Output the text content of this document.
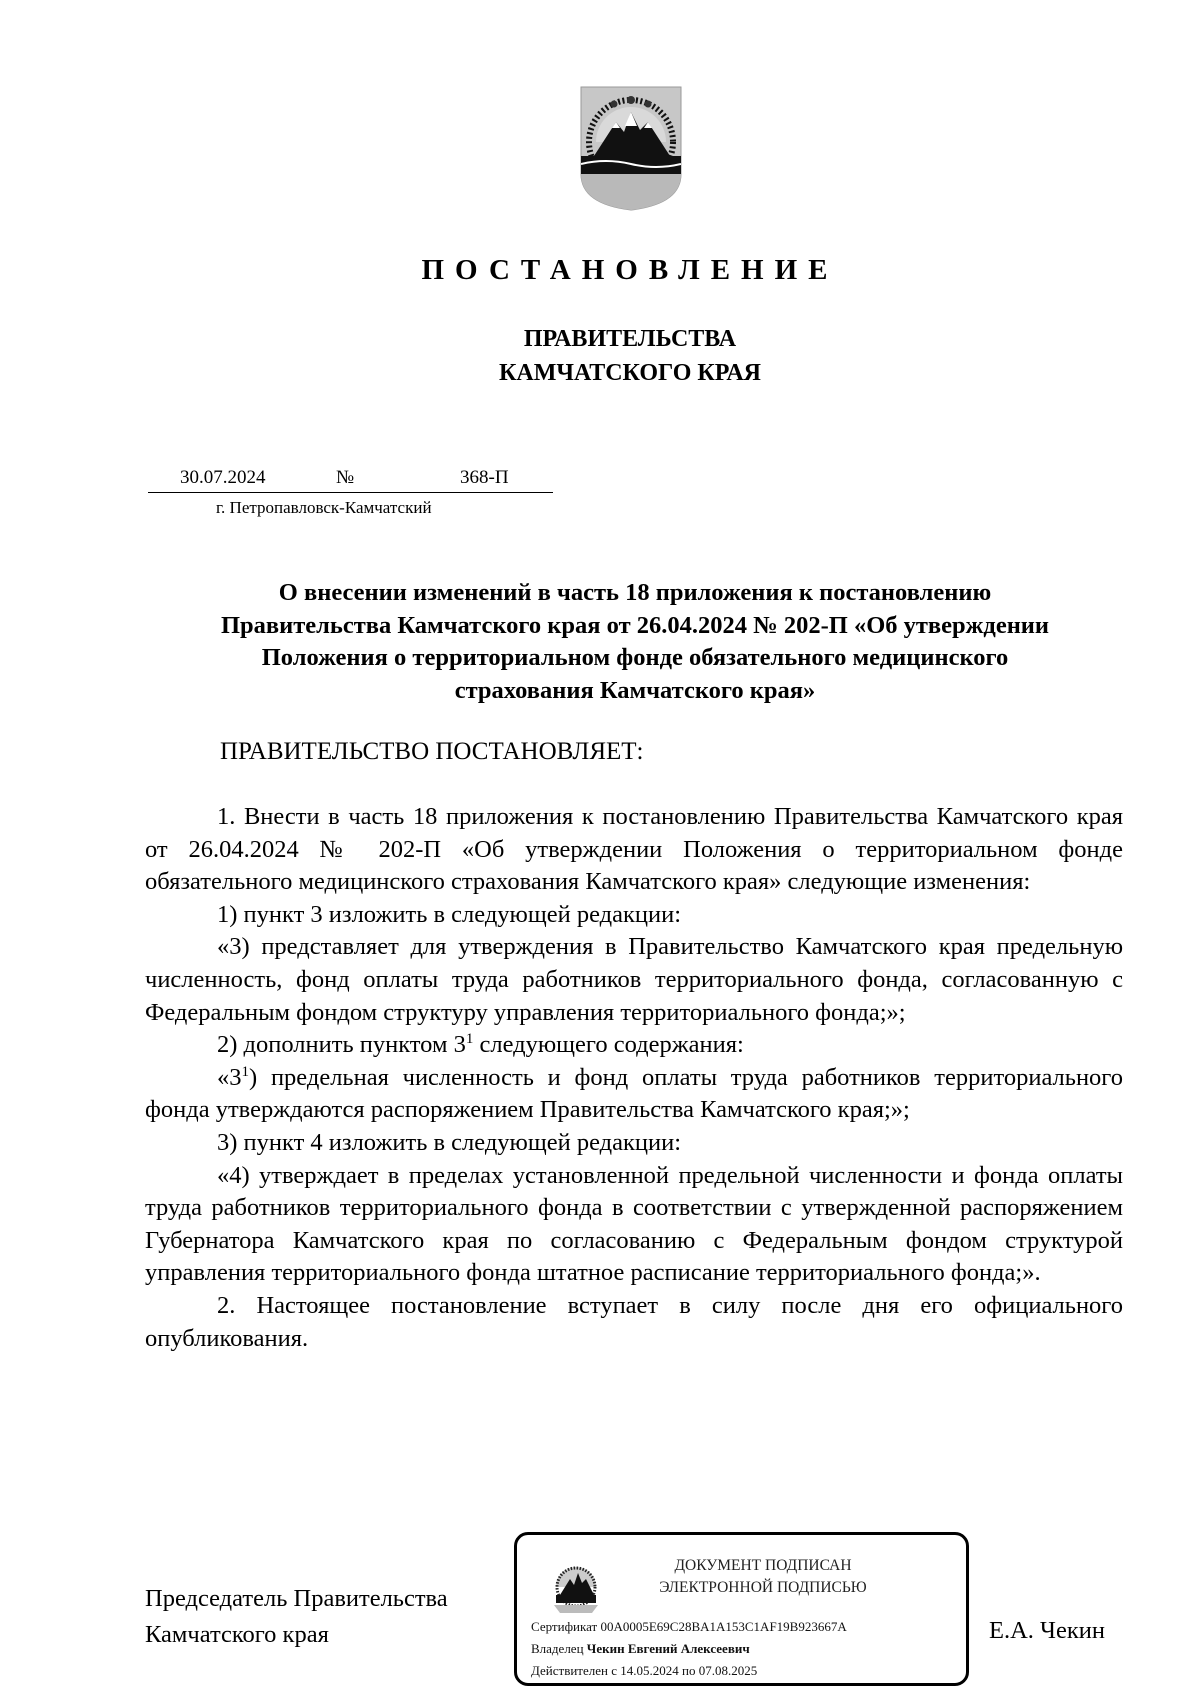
ПОСТАНОВЛЕНИЕ
ПРАВИТЕЛЬСТВА
КАМЧАТСКОГО КРАЯ
30.07.2024	№	368-П
г. Петропавловск-Камчатский
О внесении изменений в часть 18 приложения к постановлению
Правительства Камчатского края от 26.04.2024 № 202-П «Об утверждении
Положения о территориальном фонде обязательного медицинского
страхования Камчатского края»
ПРАВИТЕЛЬСТВО ПОСТАНОВЛЯЕТ:

1. Внести в часть 18 приложения к постановлению Правительства Камчатского края от 26.04.2024 № 202-П «Об утверждении Положения о территориальном фонде обязательного медицинского страхования Камчатского края» следующие изменения:

1) пункт 3 изложить в следующей редакции:

«3) представляет для утверждения в Правительство Камчатского края предельную численность, фонд оплаты труда работников территориального фонда, согласованную с Федеральным фондом структуру управления территориального фонда;»;

2) дополнить пунктом $3^1$ следующего содержания:

«$3^1$) предельная численность и фонд оплаты труда работников территориального фонда утверждаются распоряжением Правительства Камчатского края;»;

3) пункт 4 изложить в следующей редакции:

«4) утверждает в пределах установленной предельной численности и фонда оплаты труда работников территориального фонда в соответствии с утвержденной распоряжением Губернатора Камчатского края по согласованию с Федеральным фондом структурой управления территориального фонда штатное расписание территориального фонда;».

2. Настоящее постановление вступает в силу после дня его официального опубликования.

Председатель Правительства
Камчатского края	Е.А. Чекин
ДОКУМЕНТ ПОДПИСАН
ЭЛЕКТРОННОЙ ПОДПИСЬЮ
Сертификат 00A0005E69C28BA1A153C1AF19B923667A
Владелец Чекин Евгений Алексеевич
Действителен с 14.05.2024 по 07.08.2025
